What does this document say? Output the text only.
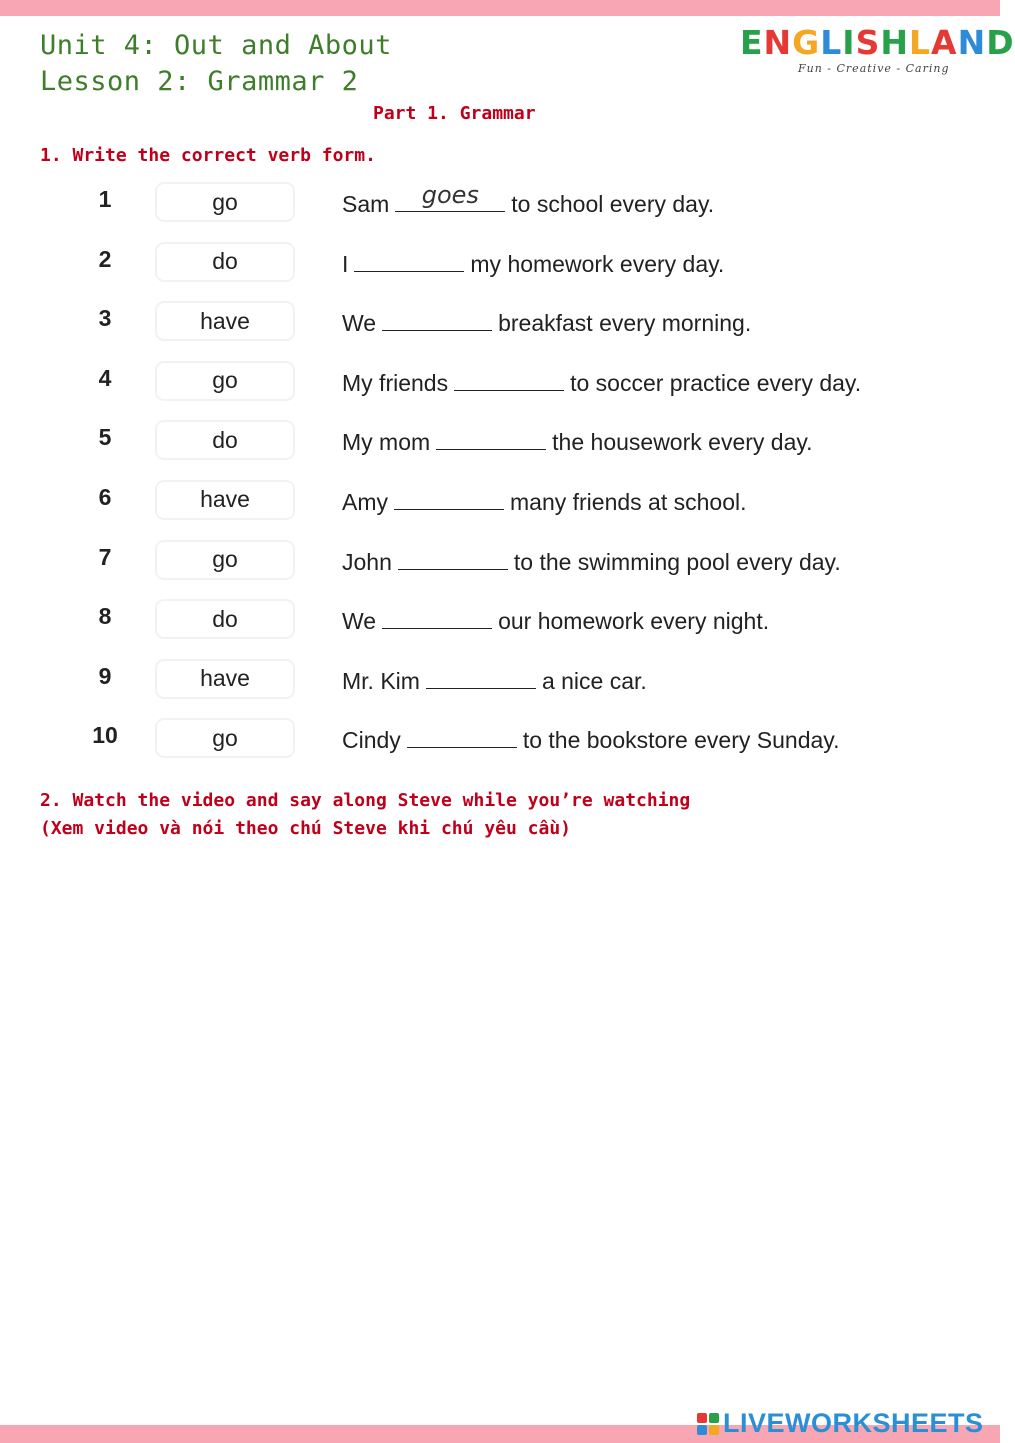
Unit 4: Out and About
Lesson 2: Grammar 2
ENGLISHLAND
Fun - Creative - Caring
Part 1. Grammar
1. Write the correct verb form.
1	go	Sam	goes	to school every day.
2	do	I	my homework every day.
3	have	We	breakfast every morning.
4	go	My friends	to soccer practice every day.
5	do	My mom	the housework every day.
6	have	Amy	many friends at school.
7	go	John	to the swimming pool every day.
8	do	We	our homework every night.
9	have	Mr. Kim	a nice car.
10	go	Cindy	to the bookstore every Sunday.
2. Watch the video and say along Steve while you’re watching
(Xem video và nói theo chú Steve khi chú yêu cầu)
LIVEWORKSHEETS
